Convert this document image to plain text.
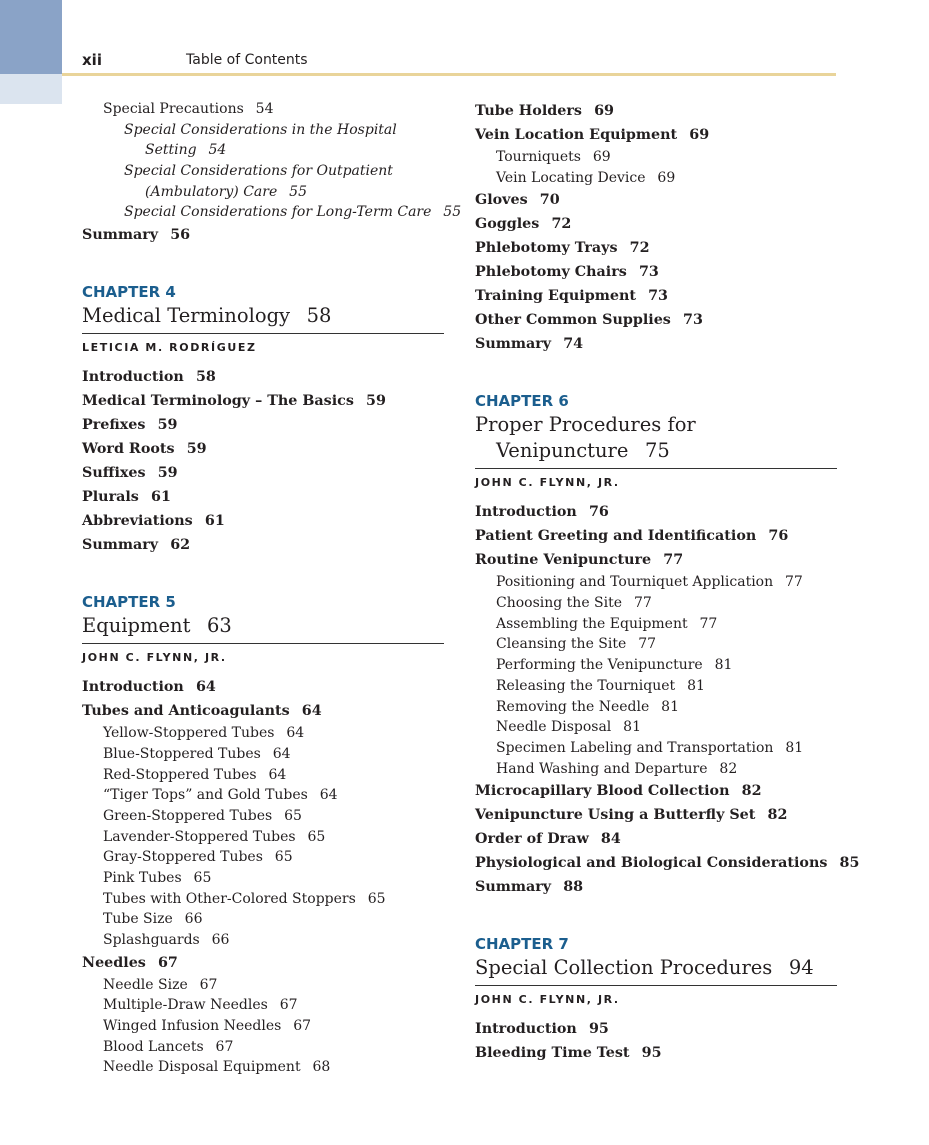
xii	Table of Contents
Special Precautions 54
Special Considerations in the Hospital
Setting 54
Special Considerations for Outpatient
(Ambulatory) Care 55
Special Considerations for Long-Term Care 55
Summary 56
CHAPTER 4
Medical Terminology 58
LETICIA M. RODRÍGUEZ
Introduction 58
Medical Terminology – The Basics 59
Prefixes 59
Word Roots 59
Suffixes 59
Plurals 61
Abbreviations 61
Summary 62
CHAPTER 5
Equipment 63
JOHN C. FLYNN, JR.
Introduction 64
Tubes and Anticoagulants 64
Yellow-Stoppered Tubes 64
Blue-Stoppered Tubes 64
Red-Stoppered Tubes 64
“Tiger Tops” and Gold Tubes 64
Green-Stoppered Tubes 65
Lavender-Stoppered Tubes 65
Gray-Stoppered Tubes 65
Pink Tubes 65
Tubes with Other-Colored Stoppers 65
Tube Size 66
Splashguards 66
Needles 67
Needle Size 67
Multiple-Draw Needles 67
Winged Infusion Needles 67
Blood Lancets 67
Needle Disposal Equipment 68
Tube Holders 69
Vein Location Equipment 69
Tourniquets 69
Vein Locating Device 69
Gloves 70
Goggles 72
Phlebotomy Trays 72
Phlebotomy Chairs 73
Training Equipment 73
Other Common Supplies 73
Summary 74
CHAPTER 6
Proper Procedures for
Venipuncture 75
JOHN C. FLYNN, JR.
Introduction 76
Patient Greeting and Identification 76
Routine Venipuncture 77
Positioning and Tourniquet Application 77
Choosing the Site 77
Assembling the Equipment 77
Cleansing the Site 77
Performing the Venipuncture 81
Releasing the Tourniquet 81
Removing the Needle 81
Needle Disposal 81
Specimen Labeling and Transportation 81
Hand Washing and Departure 82
Microcapillary Blood Collection 82
Venipuncture Using a Butterfly Set 82
Order of Draw 84
Physiological and Biological Considerations 85
Summary 88
CHAPTER 7
Special Collection Procedures 94
JOHN C. FLYNN, JR.
Introduction 95
Bleeding Time Test 95
